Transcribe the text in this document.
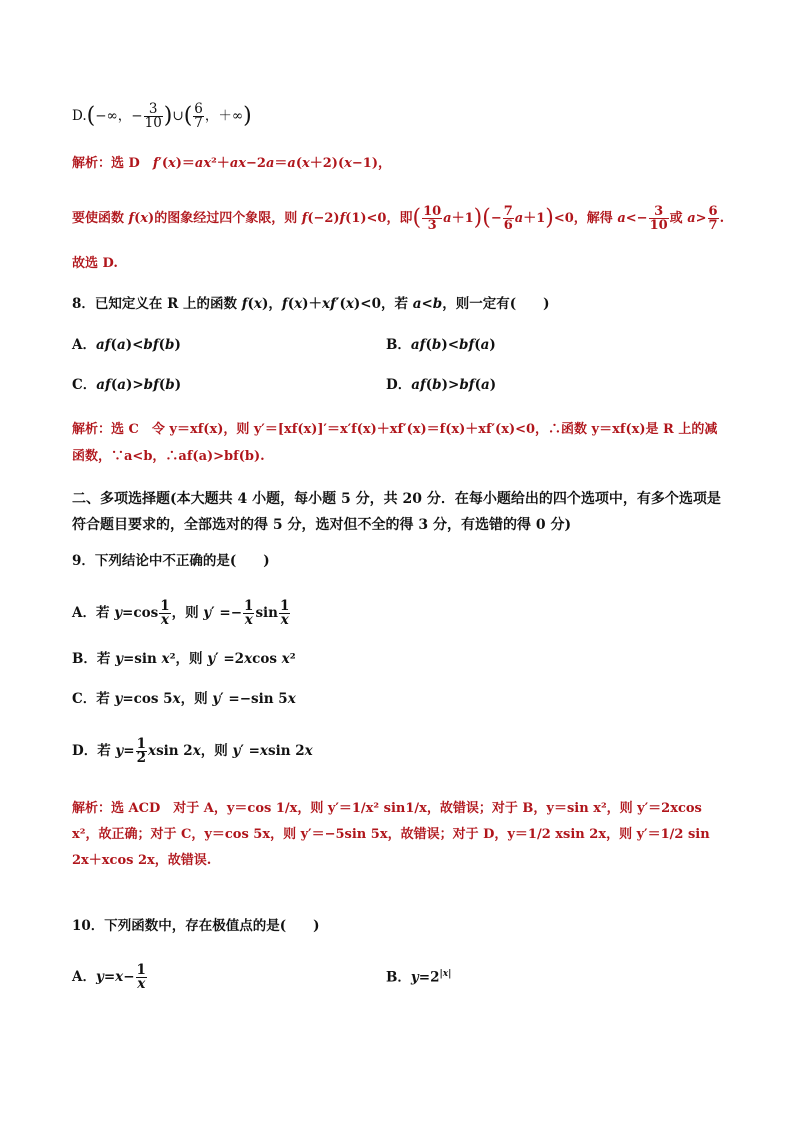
D.(−∞，− $\frac{3}{10}$ )∪( $\frac{6}{7}$ ，＋∞)
解析：选 D　f′(x)＝ax²＋ax−2a＝a(x＋2)(x−1)，
要使函数 f(x)的图象经过四个象限，则 f(−2)f(1)<0，即( $\frac{10}{3} a+1)(- \frac{7}{6} a+1)<0$，解得 $a<- \frac{3}{10}$ 或 $a> \frac{6}{7}$ .
故选 D.
8．已知定义在 R 上的函数 f(x)，f(x)＋xf′(x)<0，若 a<b，则一定有(　　)
A．af(a)<bf(b)	B．af(b)<bf(a)
C．af(a)>bf(b)	D．af(b)>bf(a)
解析：选 C　令 y＝xf(x)，则 y′＝[xf(x)]′＝x′f(x)＋xf′(x)＝f(x)＋xf′(x)<0，∴函数 y＝xf(x)是 R 上的减函数，∵a<b，∴af(a)>bf(b).
二、多项选择题(本大题共 4 小题，每小题 5 分，共 20 分．在每小题给出的四个选项中，有多个选项是符合题目要求的，全部选对的得 5 分，选对但不全的得 3 分，有选错的得 0 分)
9．下列结论中不正确的是(　　)
A．若 $y=\cos \frac{1}{x}$ ，则 $y' =- \frac{1}{x}$ $\sin \frac{1}{x}$
B．若 y=sin x²，则 y′ =2xcos x²
C．若 y=cos 5x，则 y′ =−sin 5x
D．若 $y= \frac{1}{2}$ xsin 2x，则 y′ =xsin 2x
解析：选 ACD　对于 A，y＝cos 1/x，则 y′＝1/x² sin1/x，故错误；对于 B，y＝sin x²，则 y′＝2xcos x²，故正确；对于 C，y＝cos 5x，则 y′＝−5sin 5x，故错误；对于 D，y＝1/2 xsin 2x，则 y′＝1/2 sin 2x＋xcos 2x，故错误.
10．下列函数中，存在极值点的是(　　)
A．$y=x- \frac{1}{x}$	B．$y=2^{|x|}$
